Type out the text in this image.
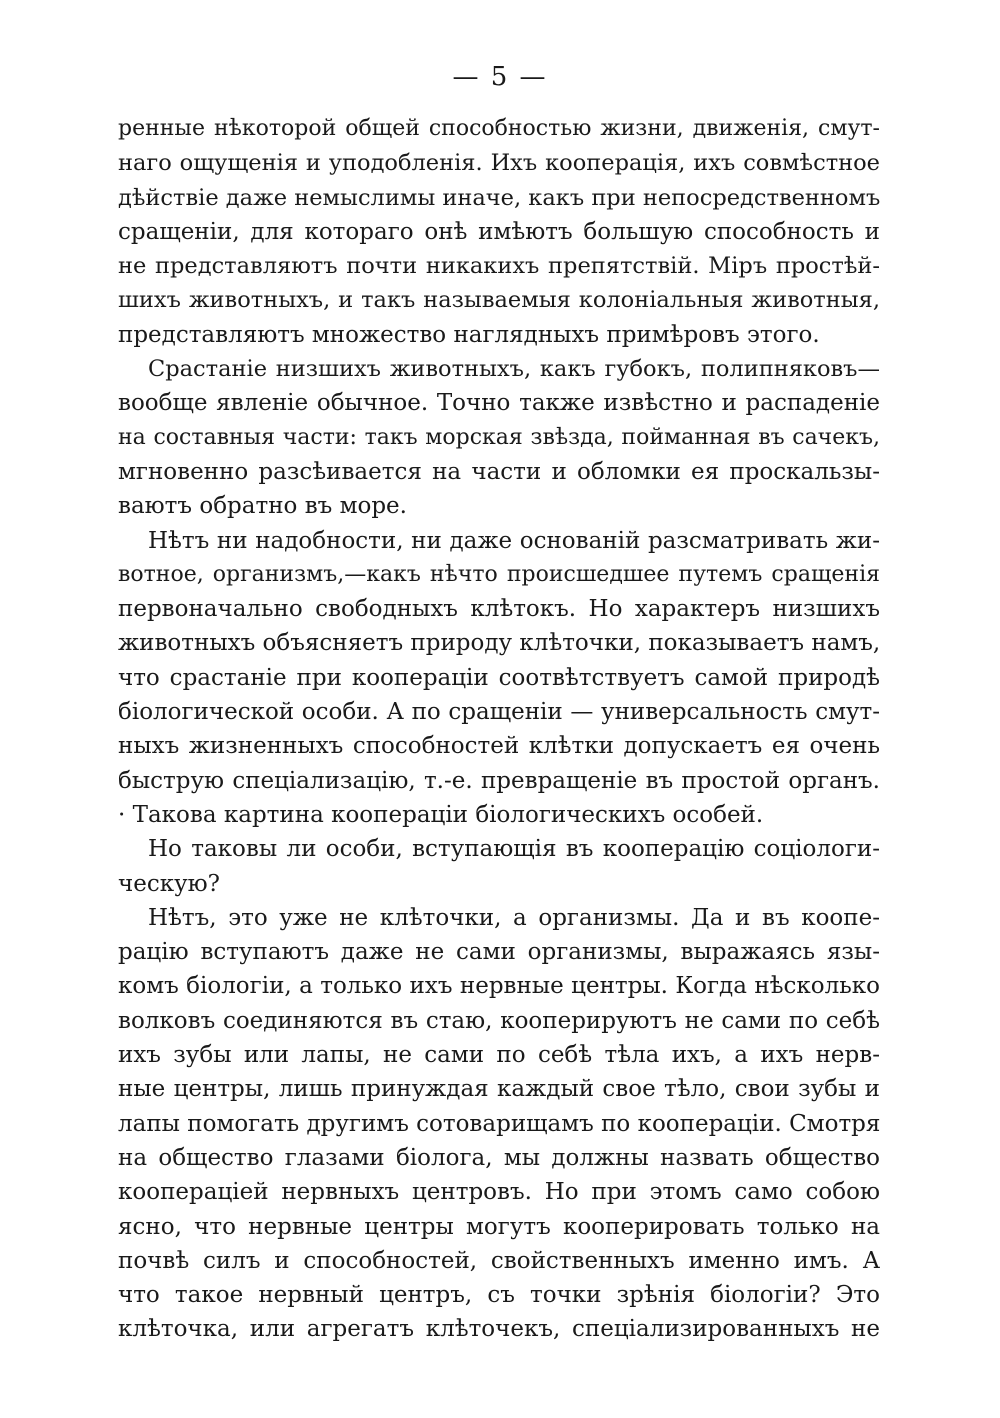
— 5 —
ренные нѣкоторой общей способностью жизни, движенія, смут-
наго ощущенія и уподобленія. Ихъ кооперація, ихъ совмѣстное
дѣйствіе даже немыслимы иначе, какъ при непосредственномъ
сращеніи, для котораго онѣ имѣютъ большую способность и
не представляютъ почти никакихъ препятствій. Міръ простѣй-
шихъ животныхъ, и такъ называемыя колоніальныя животныя,
представляютъ множество наглядныхъ примѣровъ этого.
Срастаніе низшихъ животныхъ, какъ губокъ, полипняковъ—
вообще явленіе обычное. Точно также извѣстно и распаденіе
на составныя части: такъ морская звѣзда, пойманная въ сачекъ,
мгновенно разсѣивается на части и обломки ея проскальзы-
ваютъ обратно въ море.
Нѣтъ ни надобности, ни даже основаній разсматривать жи-
вотное, организмъ,—какъ нѣчто происшедшее путемъ сращенія
первоначально свободныхъ клѣтокъ. Но характеръ низшихъ
животныхъ объясняетъ природу клѣточки, показываетъ намъ,
что срастаніе при коопераціи соотвѣтствуетъ самой природѣ
біологической особи. А по сращеніи — универсальность смут-
ныхъ жизненныхъ способностей клѣтки допускаетъ ея очень
быструю спеціализацію, т.-е. превращеніе въ простой органъ.
· Такова картина коопераціи біологическихъ особей.
Но таковы ли особи, вступающія въ кооперацію соціологи-
ческую?
Нѣтъ, это уже не клѣточки, а организмы. Да и въ коопе-
рацію вступаютъ даже не сами организмы, выражаясь язы-
комъ біологіи, а только ихъ нервные центры. Когда нѣсколько
волковъ соединяются въ стаю, кооперируютъ не сами по себѣ
ихъ зубы или лапы, не сами по себѣ тѣла ихъ, а ихъ нерв-
ные центры, лишь принуждая каждый свое тѣло, свои зубы и
лапы помогать другимъ сотоварищамъ по коопераціи. Смотря
на общество глазами біолога, мы должны назвать общество
коопераціей нервныхъ центровъ. Но при этомъ само собою
ясно, что нервные центры могутъ кооперировать только на
почвѣ силъ и способностей, свойственныхъ именно имъ. А
что такое нервный центръ, съ точки зрѣнія біологіи? Это
клѣточка, или агрегатъ клѣточекъ, спеціализированныхъ не
